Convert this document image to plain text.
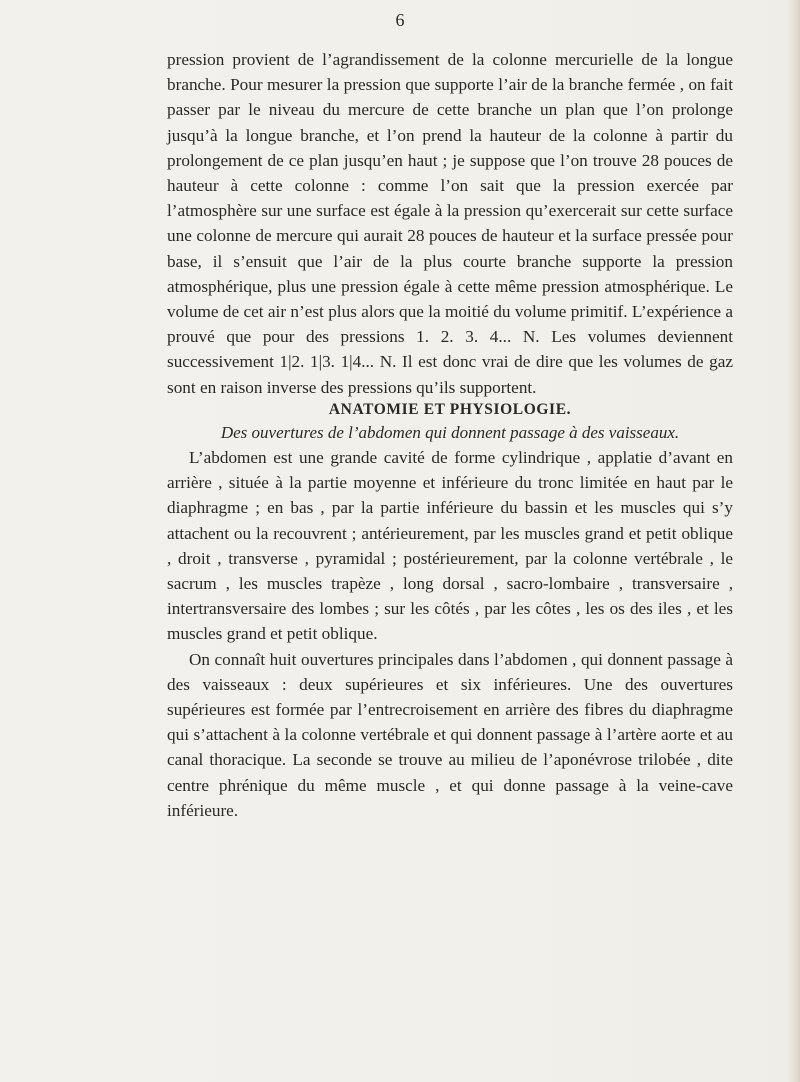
6

pression provient de l’agrandissement de la colonne mercurielle de la longue branche. Pour mesurer la pression que supporte l’air de la branche fermée , on fait passer par le niveau du mercure de cette branche un plan que l’on prolonge jusqu’à la longue branche, et l’on prend la hauteur de la colonne à partir du prolongement de ce plan jusqu’en haut ; je suppose que l’on trouve 28 pouces de hauteur à cette colonne : comme l’on sait que la pression exercée par l’atmosphère sur une surface est égale à la pression qu’exercerait sur cette surface une colonne de mercure qui aurait 28 pouces de hauteur et la surface pressée pour base, il s’ensuit que l’air de la plus courte branche supporte la pression atmosphérique, plus une pression égale à cette même pression atmosphérique. Le volume de cet air n’est plus alors que la moitié du volume primitif. L’expérience a prouvé que pour des pressions 1. 2. 3. 4... N. Les volumes deviennent successivement 1|2. 1|3. 1|4... N. Il est donc vrai de dire que les volumes de gaz sont en raison inverse des pressions qu’ils supportent.

ANATOMIE ET PHYSIOLOGIE.

Des ouvertures de l’abdomen qui donnent passage à des vaisseaux.

L’abdomen est une grande cavité de forme cylindrique , applatie d’avant en arrière , située à la partie moyenne et inférieure du tronc limitée en haut par le diaphragme ; en bas , par la partie inférieure du bassin et les muscles qui s’y attachent ou la recouvrent ; antérieurement, par les muscles grand et petit oblique , droit , transverse , pyramidal ; postérieurement, par la colonne vertébrale , le sacrum , les muscles trapèze , long dorsal , sacro-lombaire , transversaire , intertransversaire des lombes ; sur les côtés , par les côtes , les os des iles , et les muscles grand et petit oblique.

On connaît huit ouvertures principales dans l’abdomen , qui donnent passage à des vaisseaux : deux supérieures et six inférieures. Une des ouvertures supérieures est formée par l’entrecroisement en arrière des fibres du diaphragme qui s’attachent à la colonne vertébrale et qui donnent passage à l’artère aorte et au canal thoracique. La seconde se trouve au milieu de l’aponévrose trilobée , dite centre phrénique du même muscle , et qui donne passage à la veine-cave inférieure.
